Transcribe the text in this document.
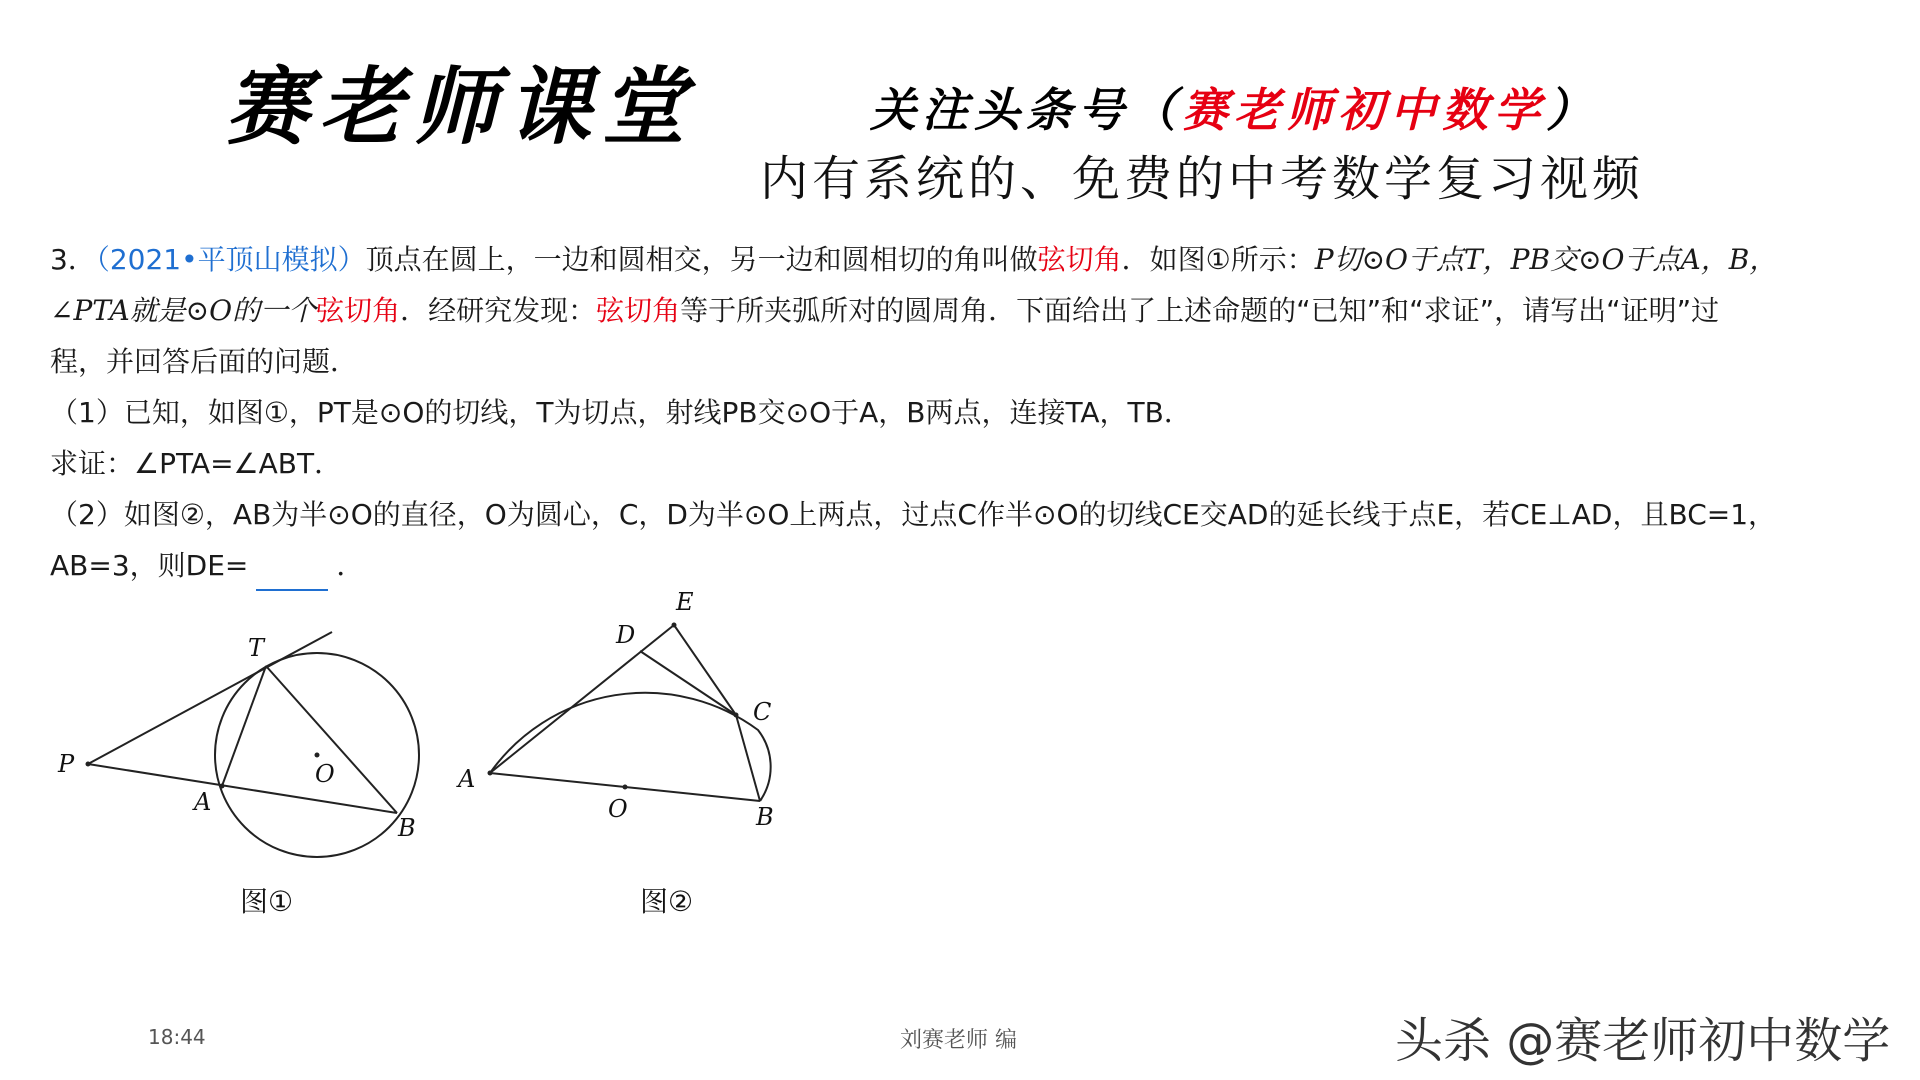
赛老师课堂	关注头条号（赛老师初中数学）
内有系统的、免费的中考数学复习视频

3．（2021•平顶山模拟）顶点在圆上，一边和圆相交，另一边和圆相切的角叫做弦切角．如图①所示：P切⊙O于点T，PB交⊙O于点A，B，

∠PTA就是⊙O的一个弦切角．经研究发现：弦切角等于所夹弧所对的圆周角．下面给出了上述命题的“已知”和“求证”，请写出“证明”过

程，并回答后面的问题．

（1）已知，如图①，PT是⊙O的切线，T为切点，射线PB交⊙O于A，B两点，连接TA，TB．

求证：∠PTA=∠ABT．

（2）如图②，AB为半⊙O的直径，O为圆心，C，D为半⊙O上两点，过点C作半⊙O的切线CE交AD的延长线于点E，若CE⊥AD，且BC=1，

AB=3，则DE=	．

T
P
A
O
B
图①
E
D
C
A
O	B
图②
18:44	刘赛老师 编	头杀 @赛老师初中数学
